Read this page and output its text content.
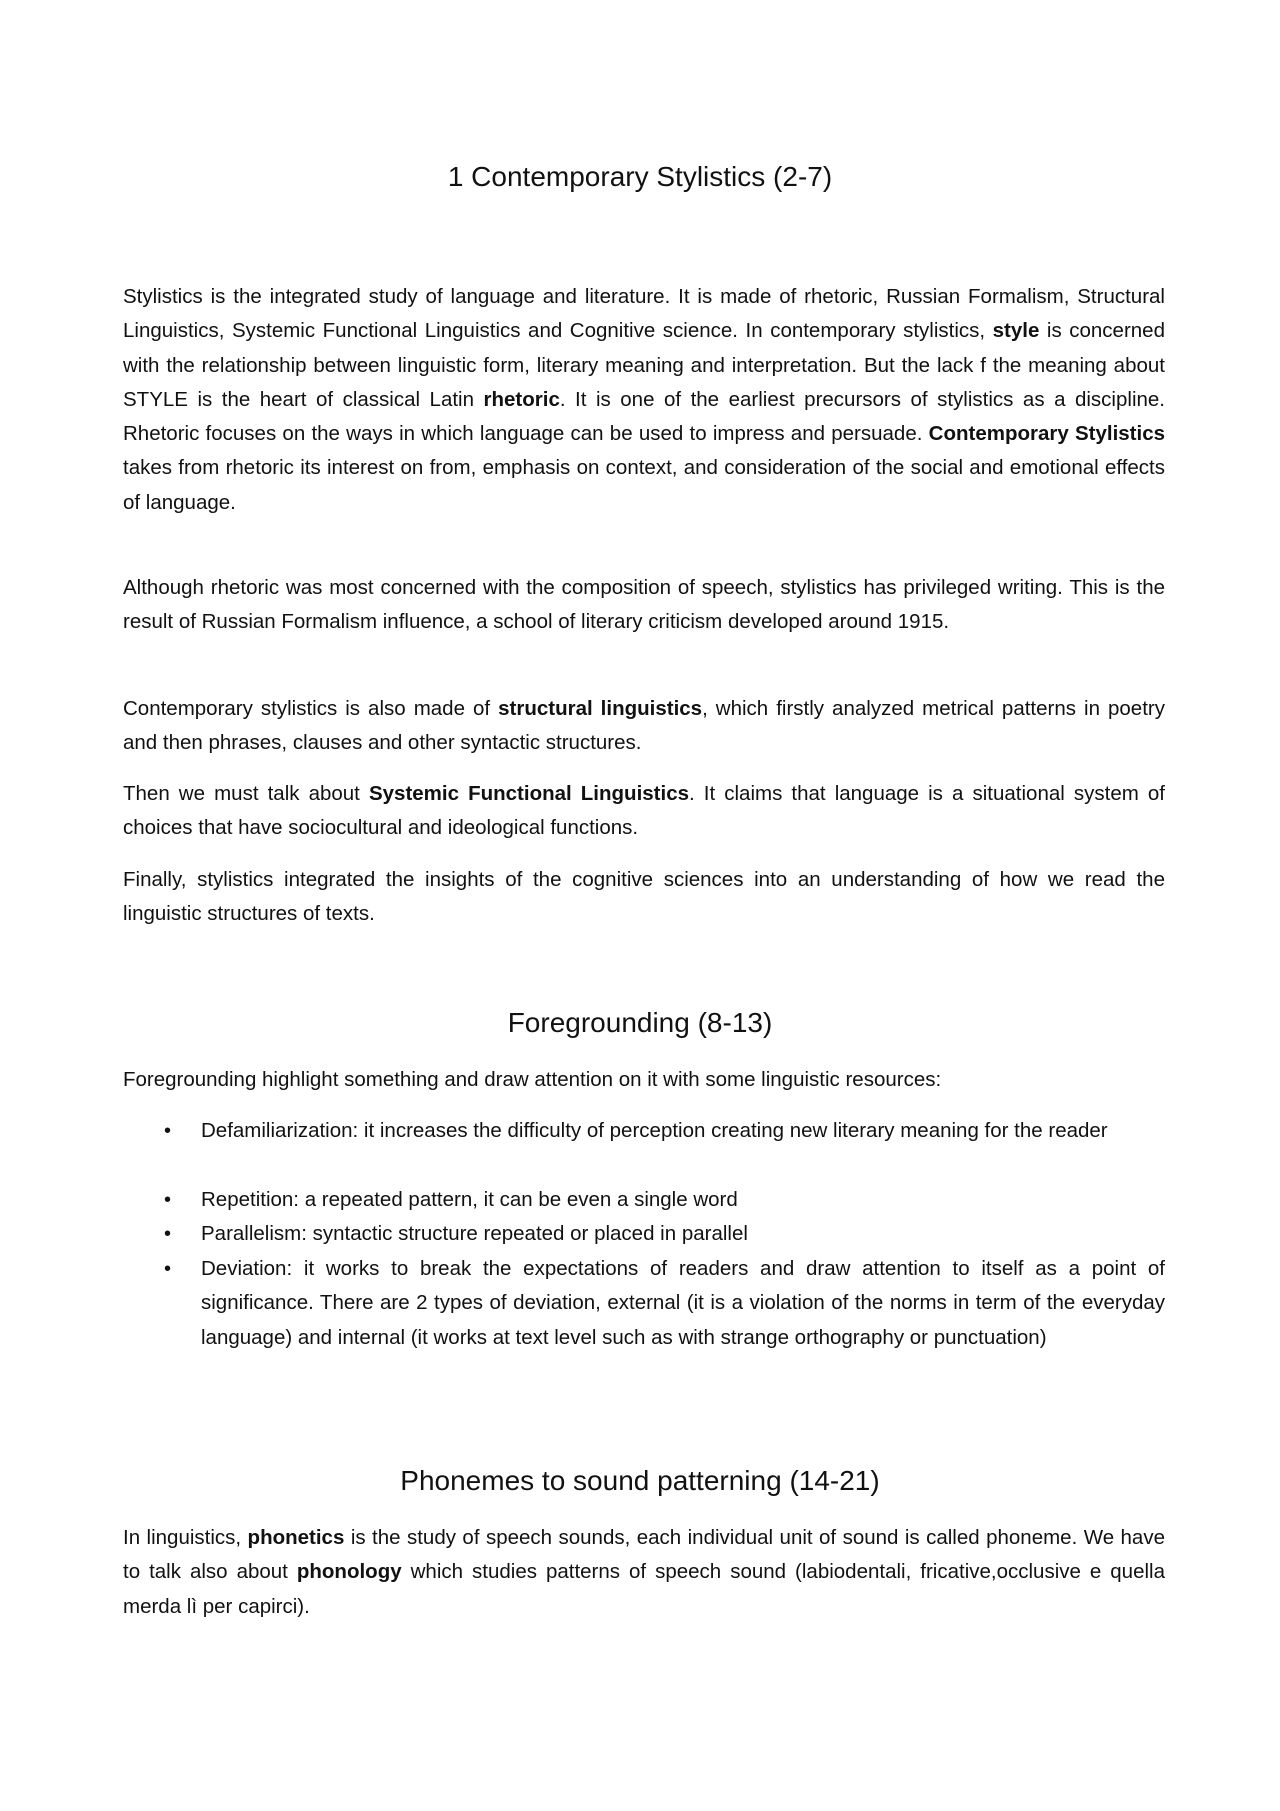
1 Contemporary Stylistics (2-7)

Stylistics is the integrated study of language and literature. It is made of rhetoric, Russian Formalism, Structural Linguistics, Systemic Functional Linguistics and Cognitive science. In contemporary stylistics, style is concerned with the relationship between linguistic form, literary meaning and interpretation. But the lack f the meaning about STYLE is the heart of classical Latin rhetoric. It is one of the earliest precursors of stylistics as a discipline. Rhetoric focuses on the ways in which language can be used to impress and persuade. Contemporary Stylistics takes from rhetoric its interest on from, emphasis on context, and consideration of the social and emotional effects of language.

Although rhetoric was most concerned with the composition of speech, stylistics has privileged writing. This is the result of Russian Formalism influence, a school of literary criticism developed around 1915.

Contemporary stylistics is also made of structural linguistics, which firstly analyzed metrical patterns in poetry and then phrases, clauses and other syntactic structures.

Then we must talk about Systemic Functional Linguistics. It claims that language is a situational system of choices that have sociocultural and ideological functions.

Finally, stylistics integrated the insights of the cognitive sciences into an understanding of how we read the linguistic structures of texts.

Foregrounding (8-13)

Foregrounding highlight something and draw attention on it with some linguistic resources:

• Defamiliarization: it increases the difficulty of perception creating new literary meaning for the reader
• Repetition: a repeated pattern, it can be even a single word
• Parallelism: syntactic structure repeated or placed in parallel
• Deviation: it works to break the expectations of readers and draw attention to itself as a point of significance. There are 2 types of deviation, external (it is a violation of the norms in term of the everyday language) and internal (it works at text level such as with strange orthography or punctuation)
Phonemes to sound patterning (14-21)

In linguistics, phonetics is the study of speech sounds, each individual unit of sound is called phoneme. We have to talk also about phonology which studies patterns of speech sound (labiodentali, fricative,occlusive e quella merda lì per capirci).
